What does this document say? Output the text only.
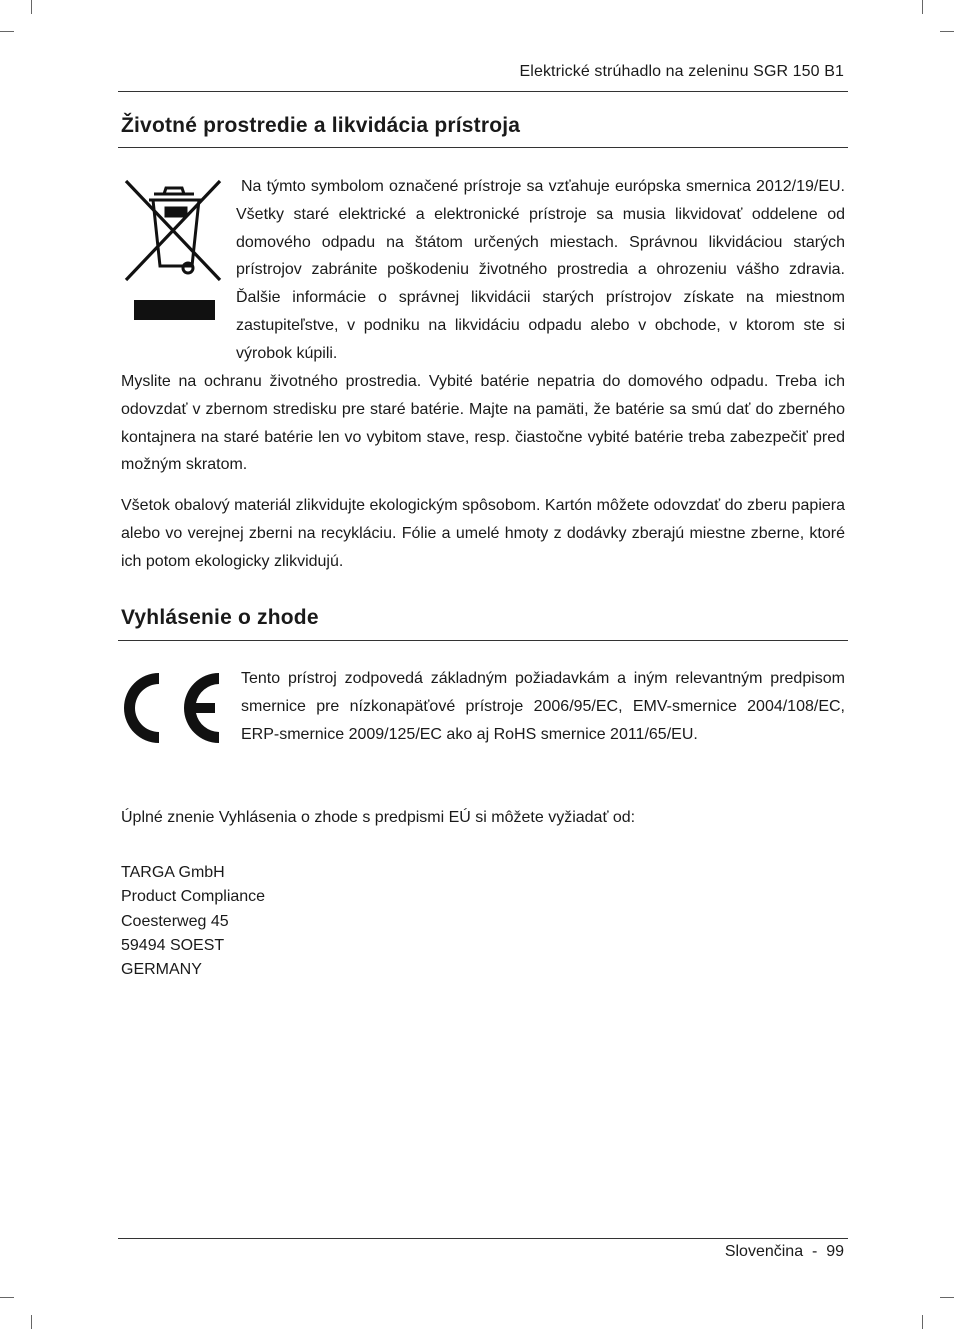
Elektrické strúhadlo na zeleninu SGR 150 B1
Životné prostredie a likvidácia prístroja

Na týmto symbolom označené prístroje sa vzťahuje európska smernica 2012/19/EU. Všetky staré elektrické a elektronické prístroje sa musia likvidovať oddelene od domového odpadu na štátom určených miestach. Správnou likvidáciou starých prístrojov zabránite poškodeniu životného prostredia a ohrozeniu vášho zdravia. Ďalšie informácie o správnej likvidácii starých prístrojov získate na miestnom zastupiteľstve, v podniku na likvidáciu odpadu alebo v obchode, v ktorom ste si výrobok kúpili.

Myslite na ochranu životného prostredia. Vybité batérie nepatria do domového odpadu. Treba ich odovzdať v zbernom stredisku pre staré batérie. Majte na pamäti, že batérie sa smú dať do zberného kontajnera na staré batérie len vo vybitom stave, resp. čiastočne vybité batérie treba zabezpečiť pred možným skratom.

Všetok obalový materiál zlikvidujte ekologickým spôsobom. Kartón môžete odovzdať do zberu papiera alebo vo verejnej zberni na recykláciu. Fólie a umelé hmoty z dodávky zberajú miestne zberne, ktoré ich potom ekologicky zlikvidujú.

Vyhlásenie o zhode

Tento prístroj zodpovedá základným požiadavkám a iným relevantným predpisom smernice pre nízkonapäťové prístroje 2006/95/EC, EMV-smernice 2004/108/EC, ERP-smernice 2009/125/EC ako aj RoHS smernice 2011/65/EU.

Úplné znenie Vyhlásenia o zhode s predpismi EÚ si môžete vyžiadať od:

TARGA GmbH
Product Compliance
Coesterweg 45
59494 SOEST
GERMANY
Slovenčina  -  99
